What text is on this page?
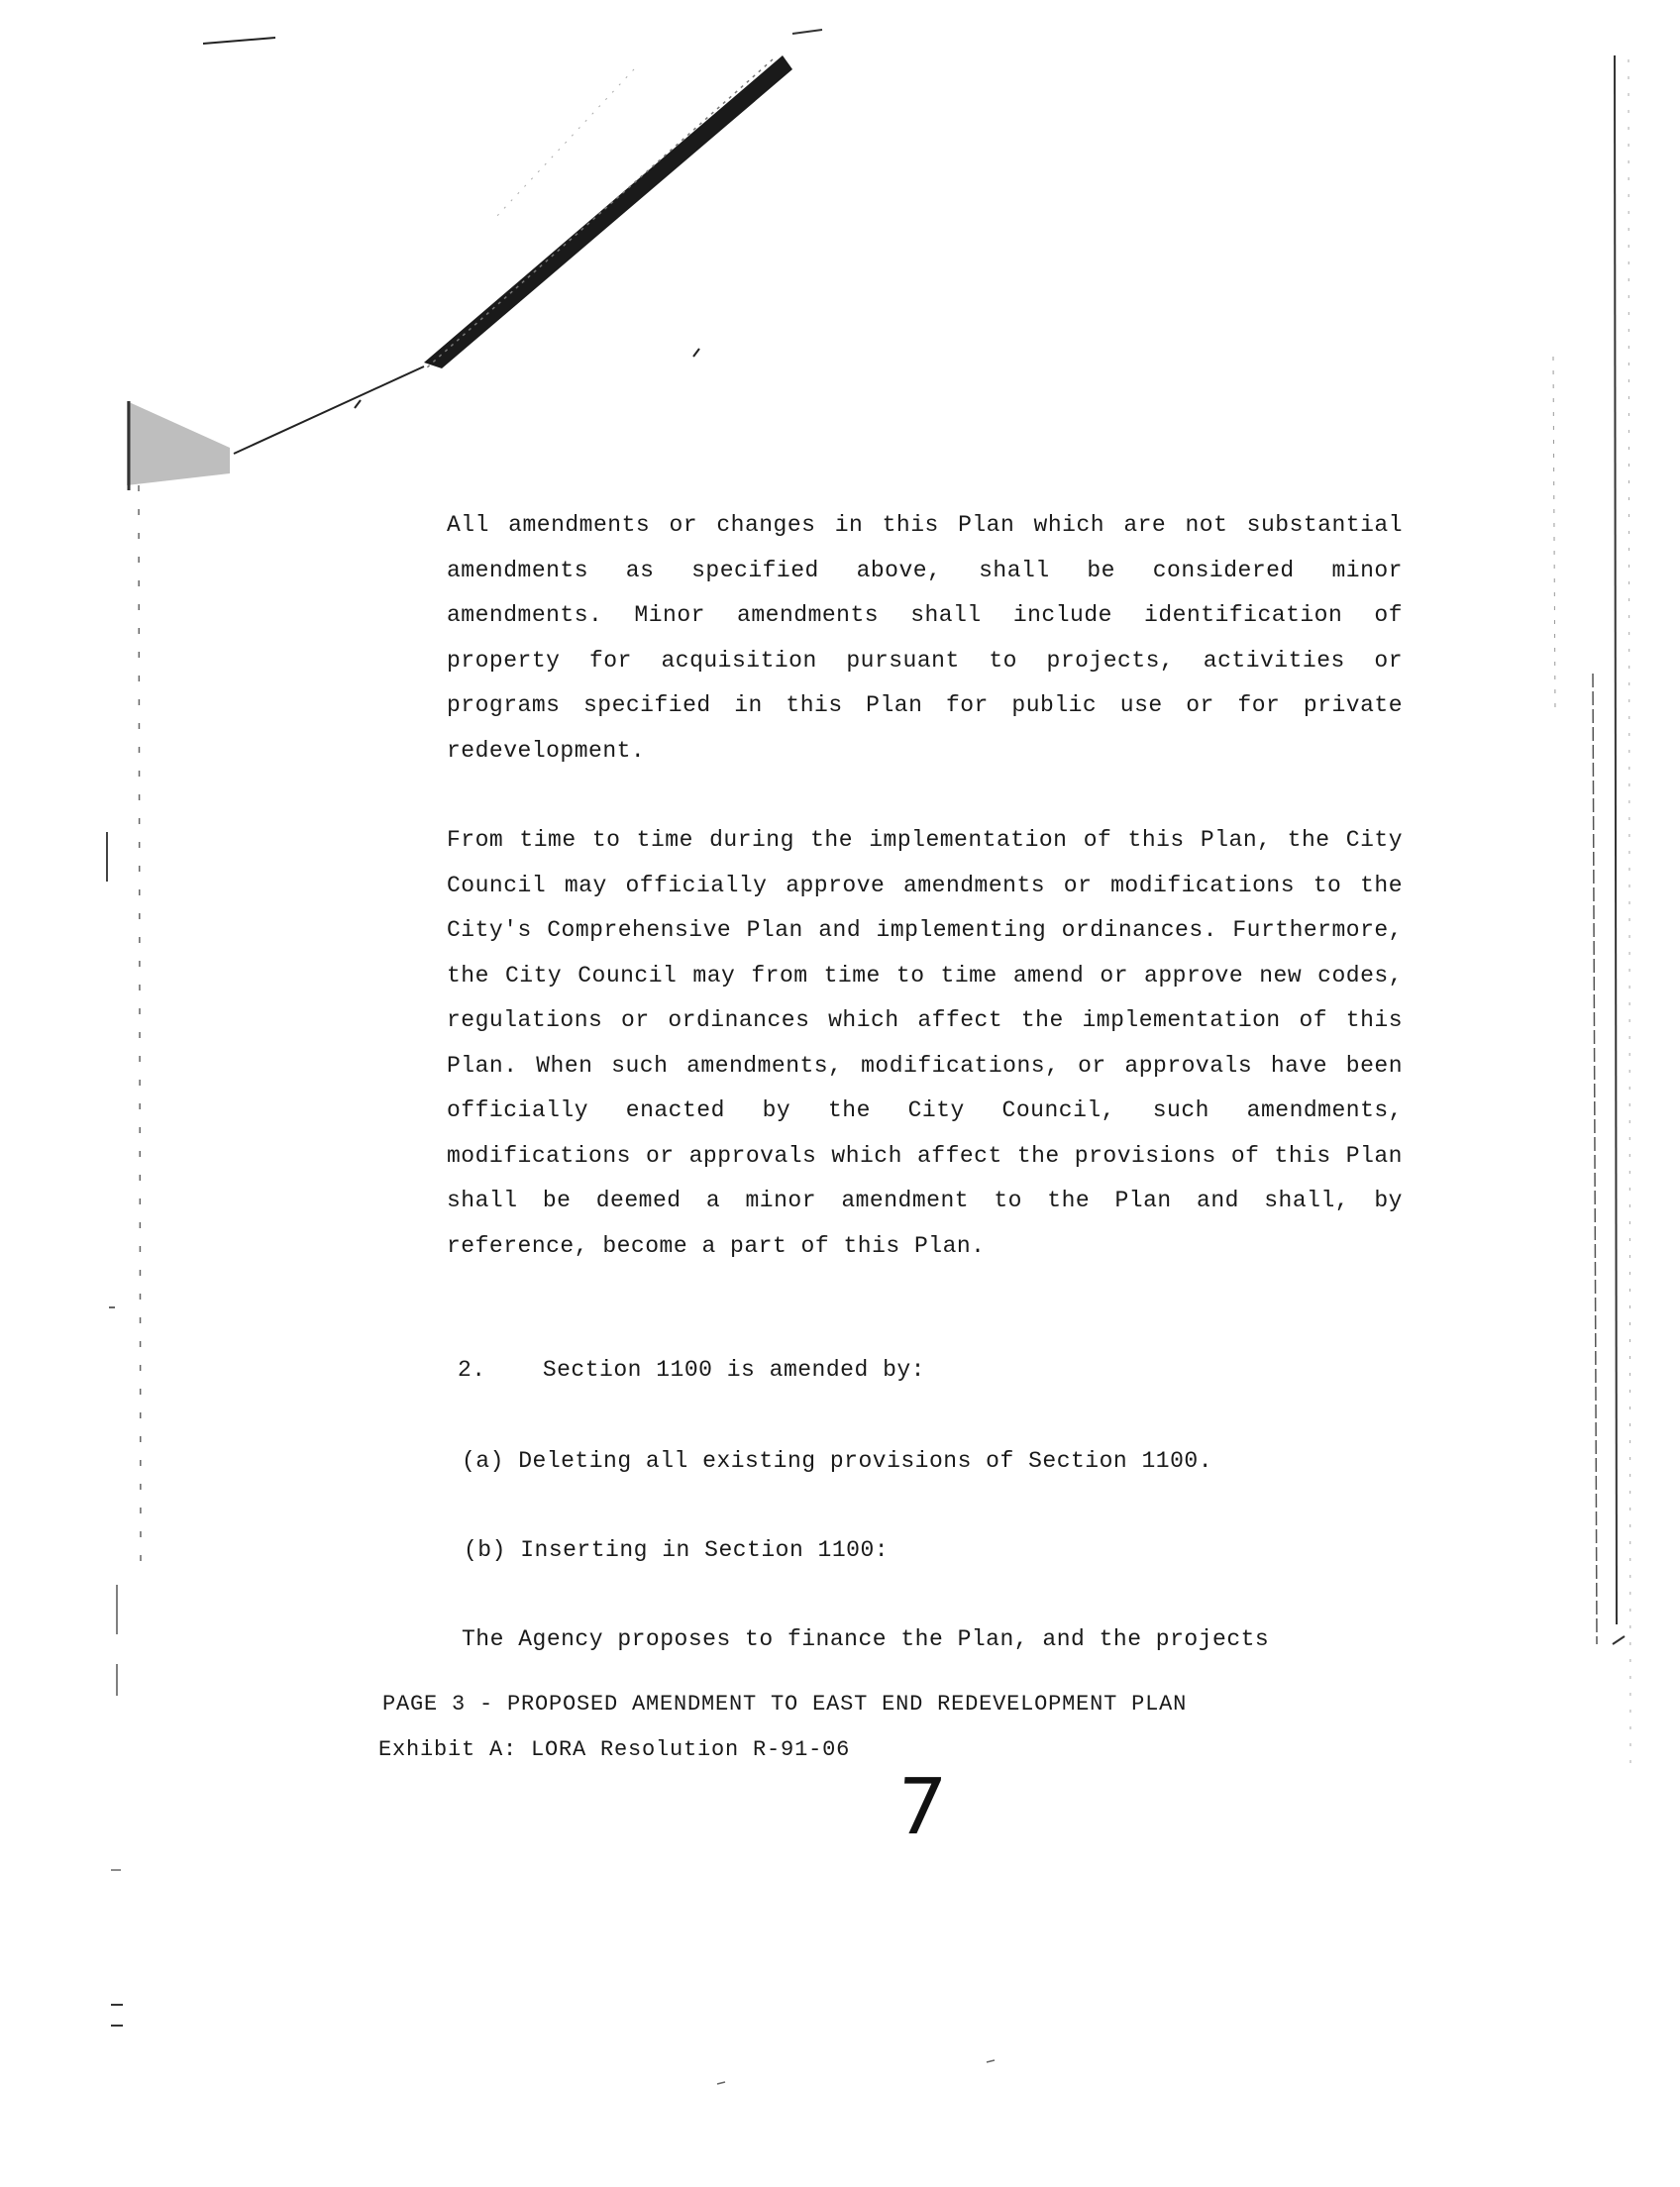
All amendments or changes in this Plan which are not substantial amendments as specified above, shall be considered minor amendments. Minor amendments shall include identification of property for acquisition pursuant to projects, activities or programs specified in this Plan for public use or for private redevelopment.

From time to time during the implementation of this Plan, the City Council may officially approve amendments or modifications to the City's Comprehensive Plan and implementing ordinances. Furthermore, the City Council may from time to time amend or approve new codes, regulations or ordinances which affect the implementation of this Plan. When such amendments, modifications, or approvals have been officially enacted by the City Council, such amendments, modifications or approvals which affect the provisions of this Plan shall be deemed a minor amendment to the Plan and shall, by reference, become a part of this Plan.

2.    Section 1100 is amended by:

(a) Deleting all existing provisions of Section 1100.

(b) Inserting in Section 1100:

The Agency proposes to finance the Plan, and the projects

PAGE 3 - PROPOSED AMENDMENT TO EAST END REDEVELOPMENT PLAN

Exhibit A: LORA Resolution R-91-06

7
